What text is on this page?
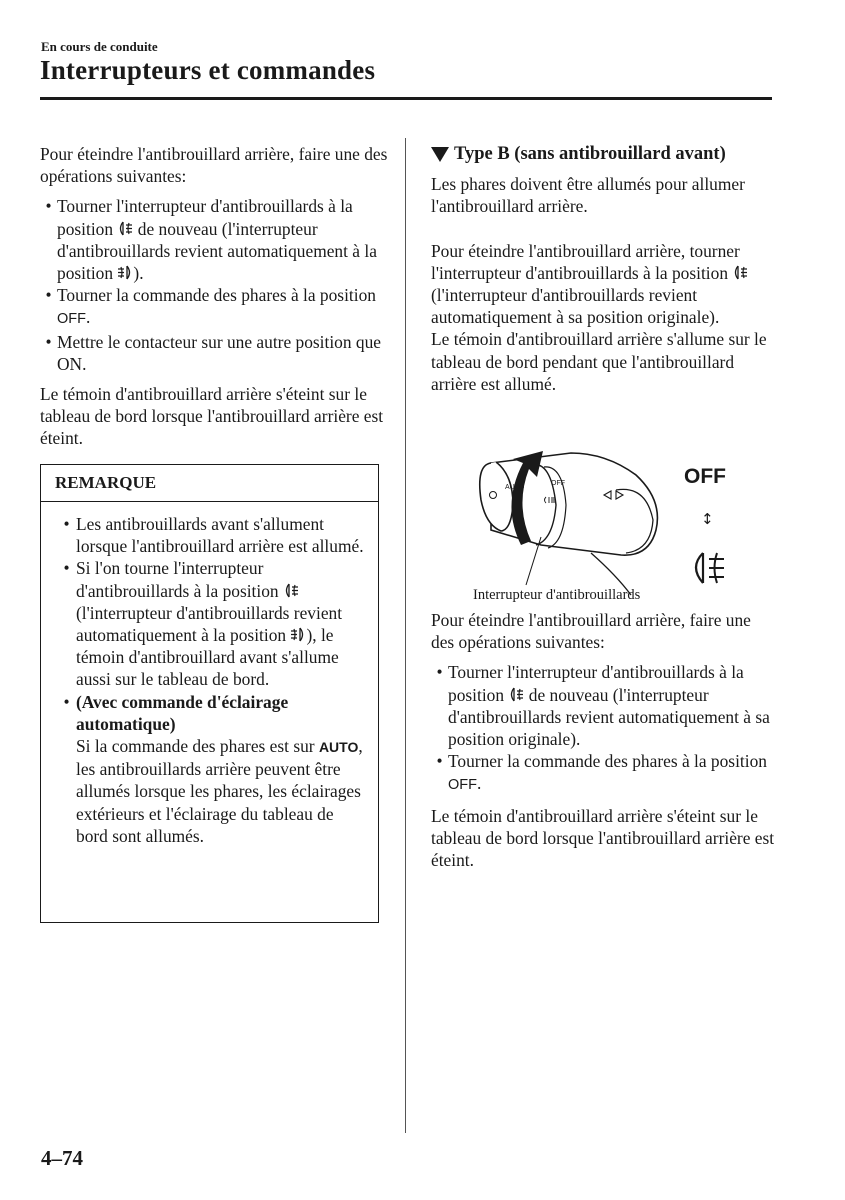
En cours de conduite
Interrupteurs et commandes

Pour éteindre l'antibrouillard arrière, faire une des opérations suivantes:

• Tourner l'interrupteur d'antibrouillards à la position de nouveau (l'interrupteur d'antibrouillards revient automatiquement à la position ).
• Tourner la commande des phares à la position OFF.
• Mettre le contacteur sur une autre position que ON.

Le témoin d'antibrouillard arrière s'éteint sur le tableau de bord lorsque l'antibrouillard arrière est éteint.

REMARQUE
• Les antibrouillards avant s'allument lorsque l'antibrouillard arrière est allumé.
• Si l'on tourne l'interrupteur d'antibrouillards à la position  (l'interrupteur d'antibrouillards revient automatiquement à la position ), le témoin d'antibrouillard avant s'allume aussi sur le tableau de bord.
• (Avec commande d'éclairage automatique)
Si la commande des phares est sur AUTO, les antibrouillards arrière peuvent être allumés lorsque les phares, les éclairages extérieurs et l'éclairage du tableau de bord sont allumés.
Type B (sans antibrouillard avant)

Les phares doivent être allumés pour allumer l'antibrouillard arrière.

Pour éteindre l'antibrouillard arrière, tourner l'interrupteur d'antibrouillards à la position  (l'interrupteur d'antibrouillards revient automatiquement à sa position originale).

Le témoin d'antibrouillard arrière s'allume sur le tableau de bord pendant que l'antibrouillard arrière est allumé.

AUTO
OFF	OFF
↕
Interrupteur d'antibrouillards

Pour éteindre l'antibrouillard arrière, faire une des opérations suivantes:

• Tourner l'interrupteur d'antibrouillards à la position de nouveau (l'interrupteur d'antibrouillards revient automatiquement à sa position originale).
• Tourner la commande des phares à la position OFF.

Le témoin d'antibrouillard arrière s'éteint sur le tableau de bord lorsque l'antibrouillard arrière est éteint.

4–74
